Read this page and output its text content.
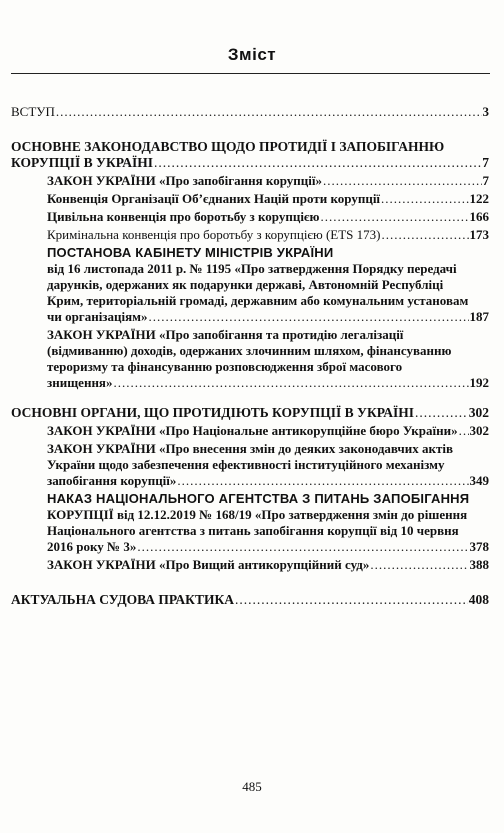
Зміст
ВСТУП .....	3
ОСНОВНЕ ЗАКОНОДАВСТВО ЩОДО ПРОТИДІЇ І ЗАПОБІГАННЮ
КОРУПЦІЇ В УКРАЇНІ .....	7
ЗАКОН УКРАЇНИ «Про запобігання корупції» .....	7
Конвенція Організації Об’єднаних Націй проти корупції .....	122
Цивільна конвенція про боротьбу з корупцією .....	166
Кримінальна конвенція про боротьбу з корупцією (ETS 173) .....	173
ПОСТАНОВА КАБІНЕТУ МІНІСТРІВ УКРАЇНИ
від 16 листопада 2011 р. № 1195 «Про затвердження Порядку передачі
дарунків, одержаних як подарунки державі, Автономній Республіці
Крим, територіальній громаді, державним або комунальним установам
чи організаціям» .....	187
ЗАКОН УКРАЇНИ «Про запобігання та протидію легалізації
(відмиванню) доходів, одержаних злочинним шляхом, фінансуванню
тероризму та фінансуванню розповсюдження зброї масового
знищення» .....	192
ОСНОВНІ ОРГАНИ, ЩО ПРОТИДІЮТЬ КОРУПЦІЇ В УКРАЇНІ .....	302
ЗАКОН УКРАЇНИ «Про Національне антикорупційне бюро України» ..... 302
ЗАКОН УКРАЇНИ «Про внесення змін до деяких законодавчих актів
України щодо забезпечення ефективності інституційного механізму
запобігання корупції» .....	349
НАКАЗ НАЦІОНАЛЬНОГО АГЕНТСТВА З ПИТАНЬ ЗАПОБІГАННЯ
КОРУПЦІЇ від 12.12.2019 № 168/19 «Про затвердження змін до рішення
Національного агентства з питань запобігання корупції від 10 червня
2016 року № 3» .....	378
ЗАКОН УКРАЇНИ «Про Вищий антикорупційний суд» .....	388
АКТУАЛЬНА СУДОВА ПРАКТИКА .....	408
485
